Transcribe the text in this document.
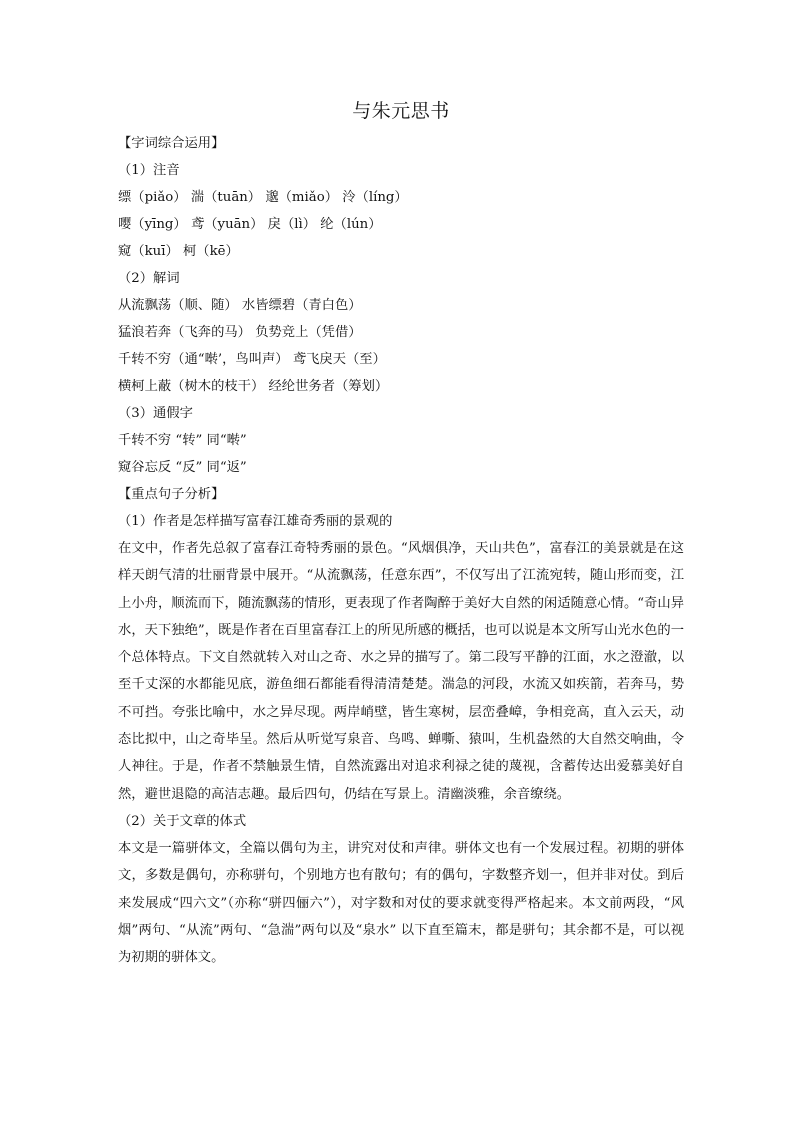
与朱元思书
【字词综合运用】
（1）注音
缥（piǎo） 湍（tuān） 邈（miǎo） 泠（líng）
嘤（yīng） 鸢（yuān） 戾（lì） 纶（lún）
窥（kuī） 柯（kē）
（2）解词
从流飘荡（顺、随） 水皆缥碧（青白色）
猛浪若奔（飞奔的马） 负势竞上（凭借）
千转不穷（通“啭’，鸟叫声） 鸢飞戾天（至）
横柯上蔽（树木的枝干） 经纶世务者（筹划）
（3）通假字
千转不穷 “转” 同“啭”
窥谷忘反 “反” 同“返”
【重点句子分析】
（1）作者是怎样描写富春江雄奇秀丽的景观的

在文中，作者先总叙了富春江奇特秀丽的景色。“风烟俱净，天山共色”，富春江的美景就是在这样天朗气清的壮丽背景中展开。“从流飘荡，任意东西”，不仅写出了江流宛转，随山形而变，江上小舟，顺流而下，随流飘荡的情形，更表现了作者陶醉于美好大自然的闲适随意心情。“奇山异水，天下独绝”，既是作者在百里富春江上的所见所感的概括，也可以说是本文所写山光水色的一个总体特点。下文自然就转入对山之奇、水之异的描写了。第二段写平静的江面，水之澄澈，以至千丈深的水都能见底，游鱼细石都能看得清清楚楚。湍急的河段，水流又如疾箭，若奔马，势不可挡。夸张比喻中，水之异尽现。两岸峭壁，皆生寒树，层峦叠嶂，争相竞高，直入云天，动态比拟中，山之奇毕呈。然后从听觉写泉音、鸟鸣、蝉嘶、猿叫，生机盎然的大自然交响曲，令人神往。于是，作者不禁触景生情，自然流露出对追求利禄之徒的蔑视，含蓄传达出爱慕美好自然，避世退隐的高洁志趣。最后四句，仍结在写景上。清幽淡雅，余音缭绕。

（2）关于文章的体式

本文是一篇骈体文，全篇以偶句为主，讲究对仗和声律。骈体文也有一个发展过程。初期的骈体文，多数是偶句，亦称骈句，个别地方也有散句；有的偶句，字数整齐划一，但并非对仗。到后来发展成“四六文”（亦称“骈四俪六”），对字数和对仗的要求就变得严格起来。本文前两段，“风烟”两句、“从流”两句、“急湍”两句以及“泉水” 以下直至篇末，都是骈句；其余都不是，可以视为初期的骈体文。
